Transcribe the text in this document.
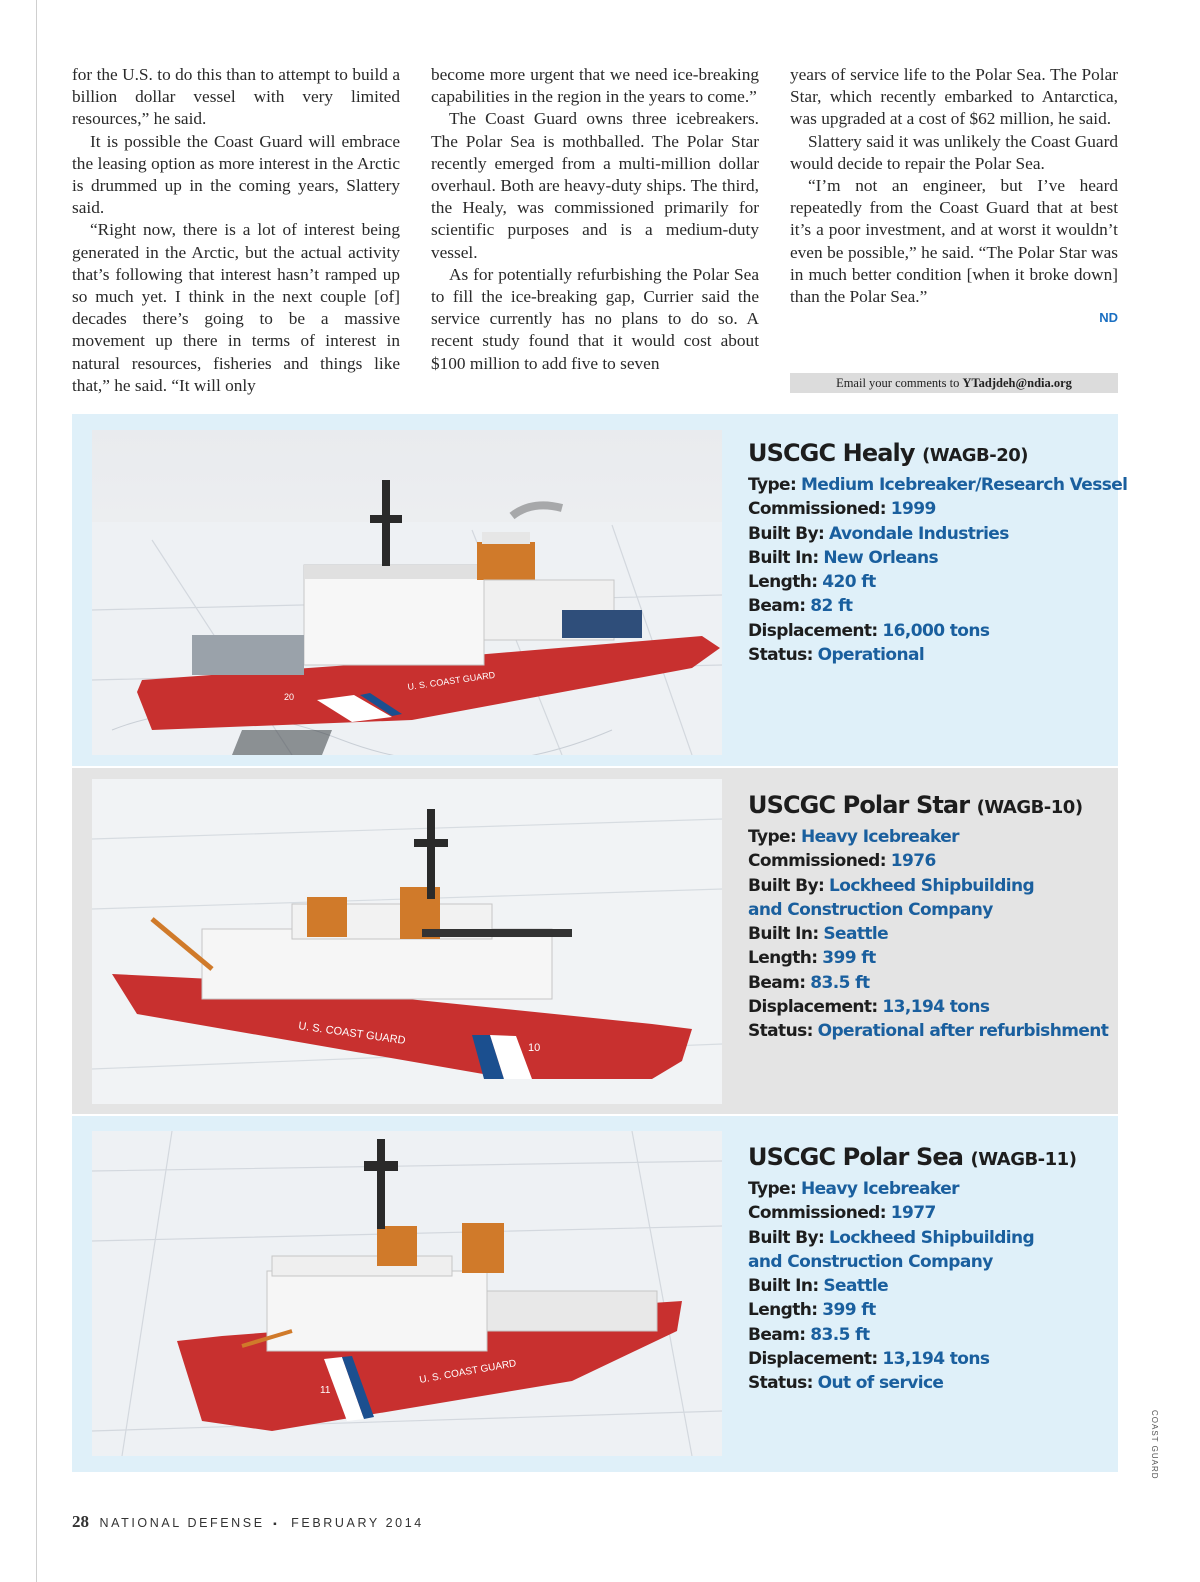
for the U.S. to do this than to attempt to build a billion dollar vessel with very limited resources,” he said.

It is possible the Coast Guard will embrace the leasing option as more interest in the Arctic is drummed up in the coming years, Slattery said.

“Right now, there is a lot of interest being generated in the Arctic, but the actual activity that’s following that interest hasn’t ramped up so much yet. I think in the next couple [of] decades there’s going to be a massive movement up there in terms of interest in natural resources, fisheries and things like that,” he said. “It will only

become more urgent that we need ice-breaking capabilities in the region in the years to come.”

The Coast Guard owns three icebreakers. The Polar Sea is mothballed. The Polar Star recently emerged from a multi-million dollar overhaul. Both are heavy-duty ships. The third, the Healy, was commissioned primarily for scientific purposes and is a medium-duty vessel.

As for potentially refurbishing the Polar Sea to fill the ice-breaking gap, Currier said the service currently has no plans to do so. A recent study found that it would cost about $100 million to add five to seven

years of service life to the Polar Sea. The Polar Star, which recently embarked to Antarctica, was upgraded at a cost of $62 million, he said.

Slattery said it was unlikely the Coast Guard would decide to repair the Polar Sea.

“I’m not an engineer, but I’ve heard repeatedly from the Coast Guard that at best it’s a poor investment, and at worst it wouldn’t even be possible,” he said. “The Polar Star was in much better condition [when it broke down] than the Polar Sea.”

ND
Email your comments to YTadjdeh@ndia.org
20
U. S. COAST GUARD
USCGC Healy (WAGB-20)
Type: Medium Icebreaker/Research Vessel
Commissioned: 1999
Built By: Avondale Industries
Built In: New Orleans
Length: 420 ft
Beam: 82 ft
Displacement: 16,000 tons
Status: Operational
U. S. COAST GUARD
10
USCGC Polar Star (WAGB-10)
Type: Heavy Icebreaker
Commissioned: 1976
Built By: Lockheed Shipbuilding
and Construction Company
Built In: Seattle
Length: 399 ft
Beam: 83.5 ft
Displacement: 13,194 tons
Status: Operational after refurbishment
11
U. S. COAST GUARD
USCGC Polar Sea (WAGB-11)
Type: Heavy Icebreaker
Commissioned: 1977
Built By: Lockheed Shipbuilding
and Construction Company
Built In: Seattle
Length: 399 ft
Beam: 83.5 ft
Displacement: 13,194 tons
Status: Out of service
COAST GUARD
28 NATIONAL DEFENSE ▪ FEBRUARY 2014
